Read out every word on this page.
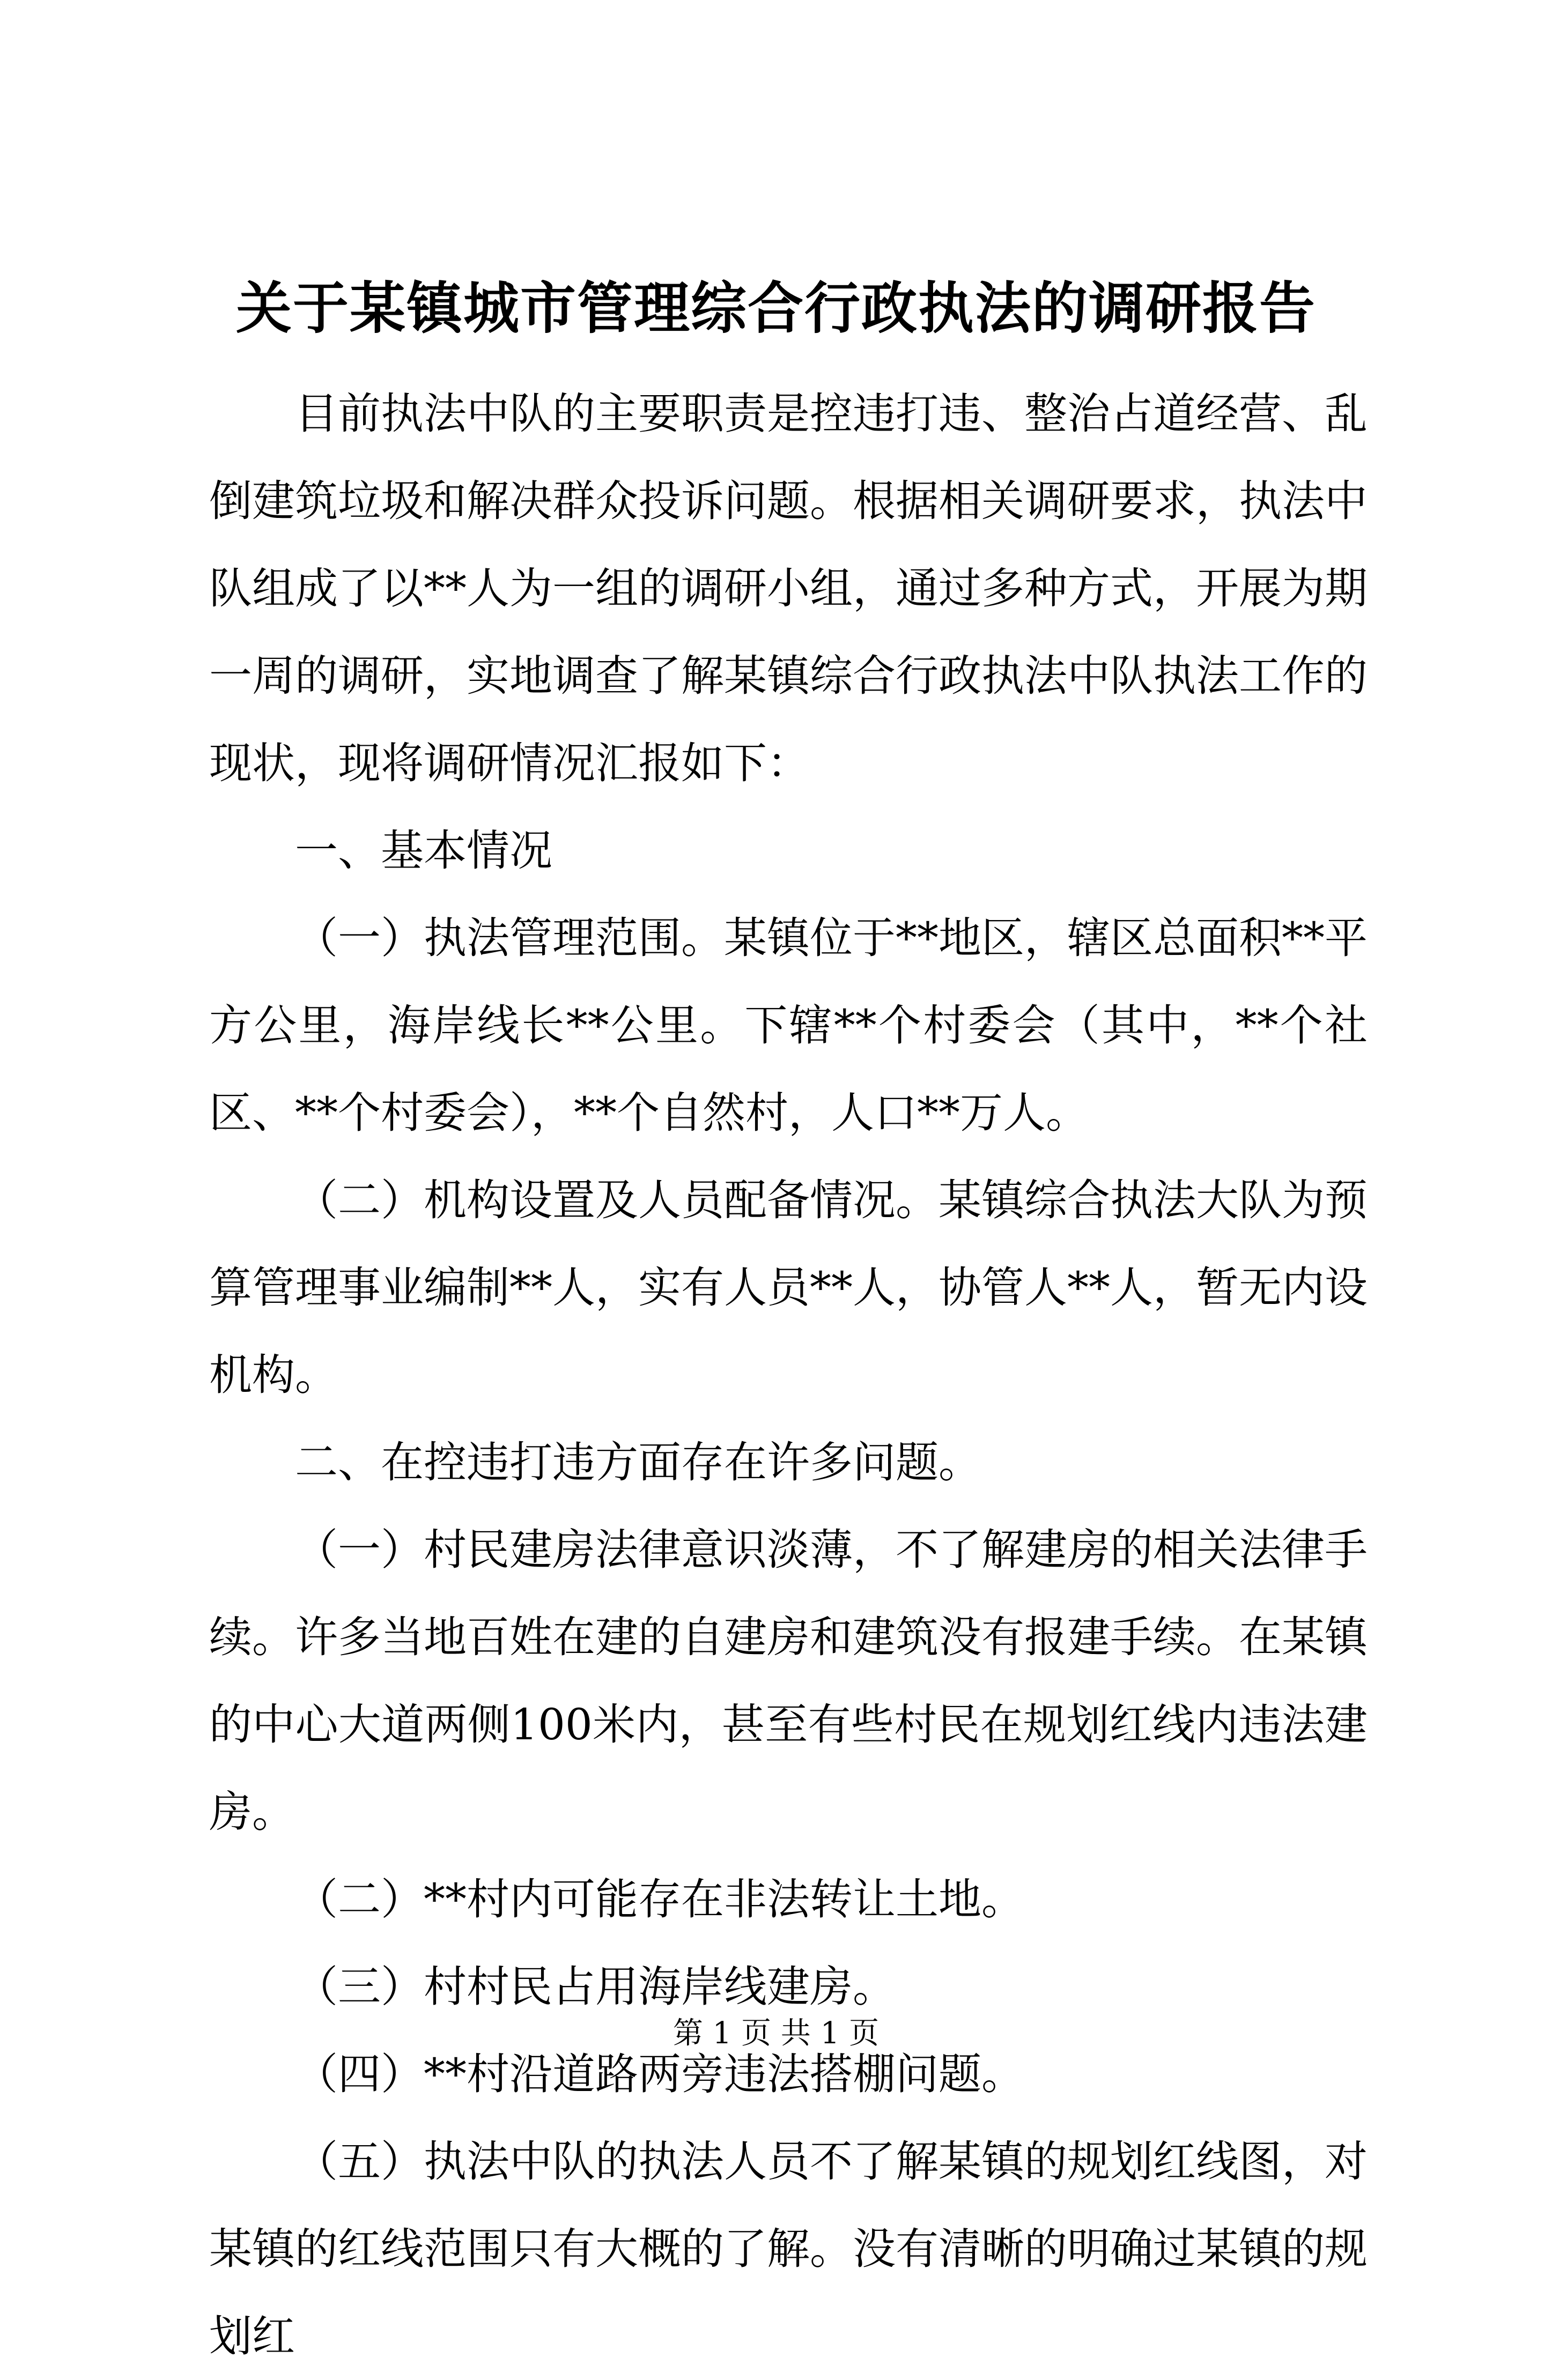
关于某镇城市管理综合行政执法的调研报告

目前执法中队的主要职责是控违打违、整治占道经营、乱倒建筑垃圾和解决群众投诉问题。根据相关调研要求，执法中队组成了以**人为一组的调研小组，通过多种方式，开展为期一周的调研，实地调查了解某镇综合行政执法中队执法工作的现状，现将调研情况汇报如下：

一、基本情况

（一）执法管理范围。某镇位于**地区，辖区总面积**平方公里，海岸线长**公里。下辖**个村委会（其中，**个社区、**个村委会），**个自然村，人口**万人。

（二）机构设置及人员配备情况。某镇综合执法大队为预算管理事业编制**人，实有人员**人，协管人**人，暂无内设机构。

二、在控违打违方面存在许多问题。

（一）村民建房法律意识淡薄，不了解建房的相关法律手续。许多当地百姓在建的自建房和建筑没有报建手续。在某镇的中心大道两侧100米内，甚至有些村民在规划红线内违法建房。

（二）**村内可能存在非法转让土地。

（三）村村民占用海岸线建房。

（四）**村沿道路两旁违法搭棚问题。

（五）执法中队的执法人员不了解某镇的规划红线图，对某镇的红线范围只有大概的了解。没有清晰的明确过某镇的规划红

第 1 页 共 1 页
